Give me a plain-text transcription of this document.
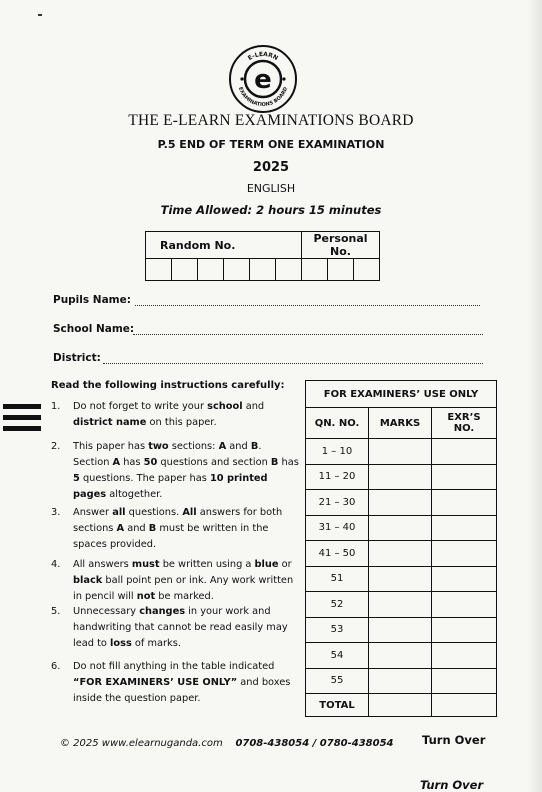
E-LEARN
EXAMINATIONS BOARD
e
THE E-LEARN EXAMINATIONS BOARD
P.5 END OF TERM ONE EXAMINATION
2025
ENGLISH
Time Allowed: 2 hours 15 minutes
Random No.						Personal No.		

Pupils Name:
School Name:
District:
Read the following instructions carefully:
1. Do not forget to write your school and district name on this paper.
2. This paper has two sections: A and B. Section A has 50 questions and section B has 5 questions. The paper has 10 printed pages altogether.
3. Answer all questions. All answers for both sections A and B must be written in the spaces provided.
4. All answers must be written using a blue or black ball point pen or ink. Any work written in pencil will not be marked.
5. Unnecessary changes in your work and handwriting that cannot be read easily may lead to loss of marks.
6. Do not fill anything in the table indicated “FOR EXAMINERS’ USE ONLY” and boxes inside the question paper.
FOR EXAMINERS’ USE ONLY		
QN. NO.	MARKS	EXR’S NO.
1 – 10		
11 – 20		
21 – 30		
31 – 40		
41 – 50		
51		
52		
53		
54		
55		
TOTAL		
© 2025 www.elearnuganda.com 0708-438054 / 0780-438054 Turn Over
Turn Over
